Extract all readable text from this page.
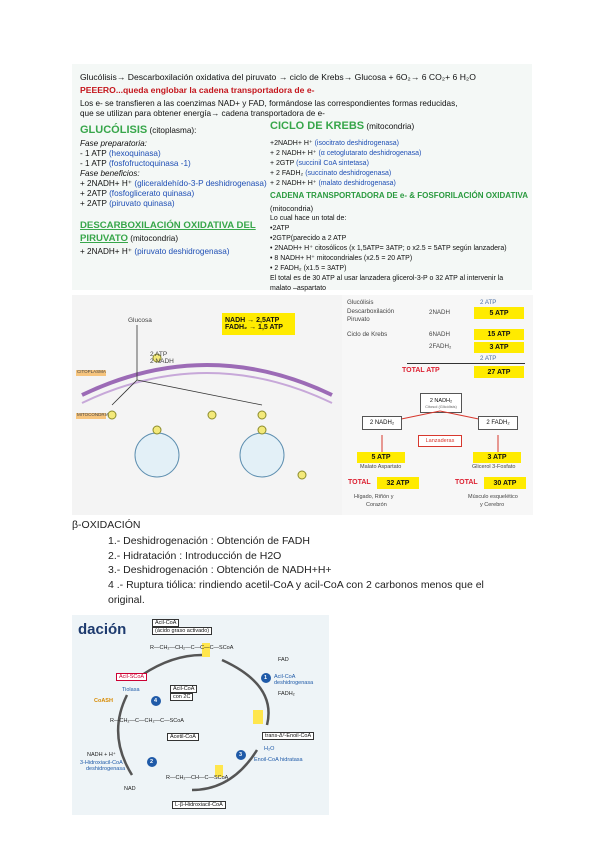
Glucólisis→ Descarboxilación oxidativa del piruvato → ciclo de Krebs→ Glucosa + 6O₂→ 6 CO₂+ 6 H₂O
PEEERO...queda englobar la cadena transportadora de e-
Los e- se transfieren a las coenzimas NAD+ y FAD, formándose las correspondientes formas reducidas,
que se utilizan para obtener energía→ cadena transportadora de e-
GLUCÓLISIS (citoplasma):
Fase preparatoria:
- 1 ATP (hexoquinasa)
- 1 ATP (fosfofructoquinasa -1)
Fase beneficios:
+ 2NADH+ H⁺ (gliceraldehído-3-P deshidrogenasa)
+ 2ATP (fosfoglicerato quinasa)
+ 2ATP (piruvato quinasa)
DESCARBOXILACIÓN OXIDATIVA DEL
PIRUVATO (mitocondria)
+ 2NADH+ H⁺ (piruvato deshidrogenasa)
CICLO DE KREBS (mitocondria)
+2NADH+ H⁺ (isocitrato deshidrogenasa)
+ 2 NADH+ H⁺ (α cetoglutarato deshidrogenasa)
+ 2GTP (succinil CoA sintetasa)
+ 2 FADH₂ (succinato deshidrogenasa)
+ 2 NADH+ H⁺ (malato deshidrogenasa)
CADENA TRANSPORTADORA DE e- & FOSFORILACIÓN OXIDATIVA
(mitocondria)
Lo cual hace un total de:
•2ATP
•2GTP(parecido a 2 ATP
• 2NADH+ H⁺ citosólicos (x 1,5ATP= 3ATP; o x2.5 = 5ATP según lanzadera)
• 8 NADH+ H⁺ mitocondriales (x2.5 = 20 ATP)
• 2 FADH₂ (x1.5 = 3ATP)
El total es de 30 ATP al usar lanzadera glicerol-3-P o 32 ATP al intervenir la
malato –aspartato
Glucosa
2 ATP
2 NADH
CITOPLASMA
MITOCONDRIA
NADH → 2,5ATP
FADH₂ → 1,5 ATP
Glucólisis	2 ATP
Descarboxilación
Piruvato
2NADH	5 ATP
Ciclo de Krebs	6NADH	15 ATP
2FADH₂	3 ATP
2 ATP
TOTAL ATP	27 ATP
2 NADH₂
Citosol (Glicólisis)
2 NADH₂	2 FADH₂
Lanzaderas
5 ATP
Malato Aspartato
3 ATP
Glicerol 3-Fosfato
TOTAL	32 ATP	TOTAL	30 ATP
Hígado, Riñón y
Corazón
Músculo esquelético
y Cerebro
β-OXIDACIÓN
1.- Deshidrogenación : Obtención de FADH
2.- Hidratación : Introducción de H2O
3.- Deshidrogenación : Obtención de NADH+H+
4 .- Ruptura tiólica: rindiendo acetil-CoA y acil-CoA con 2 carbonos menos que el
original.
dación	Acil-CoA
(ácido graso activado)
R—CH₂—CH₂—C—C—C—SCoA
FAD
Acil-CoA
deshidrogenasa
FADH₂
Acil-SCoA
Tiolasa
CoASH
Acil-CoA
con 2C
R—CH₂—C—CH₂—C—SCoA
Acetil-CoA	trans-Δ²-Enoil-CoA
H₂O
Enoil-CoA hidratasa
NADH + H⁺
3-Hidroxiacil-CoA
deshidrogenasa
NAD
R—CH₂—CH—C—SCoA
L-β-Hidroxiacil-CoA
1
3
2
4
